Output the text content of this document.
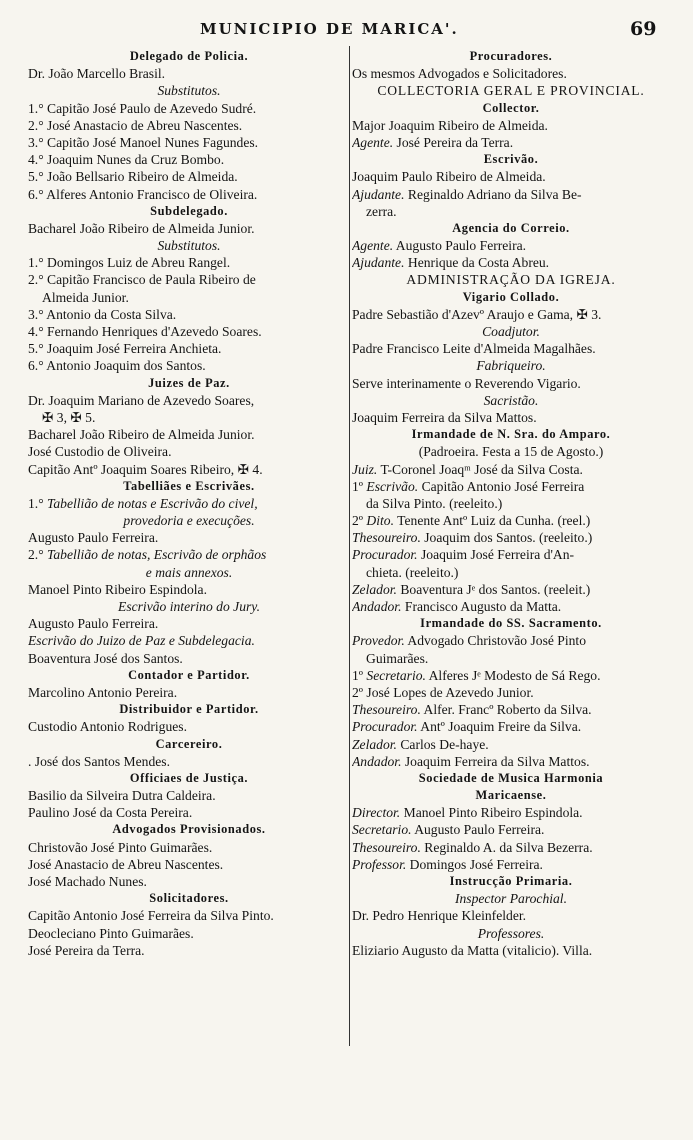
MUNICIPIO DE MARICA'.	69
Delegado de Policia.
Dr. João Marcello Brasil.
Substitutos.
1.° Capitão José Paulo de Azevedo Sudré.
2.° José Anastacio de Abreu Nascentes.
3.° Capitão José Manoel Nunes Fagundes.
4.° Joaquim Nunes da Cruz Bombo.
5.° João Bellsario Ribeiro de Almeida.
6.° Alferes Antonio Francisco de Oliveira.
Subdelegado.
Bacharel João Ribeiro de Almeida Junior.
Substitutos.
1.° Domingos Luiz de Abreu Rangel.
2.° Capitão Francisco de Paula Ribeiro de
Almeida Junior.
3.° Antonio da Costa Silva.
4.° Fernando Henriques d'Azevedo Soares.
5.° Joaquim José Ferreira Anchieta.
6.° Antonio Joaquim dos Santos.
Juizes de Paz.
Dr. Joaquim Mariano de Azevedo Soares,
✠ 3, ✠ 5.
Bacharel João Ribeiro de Almeida Junior.
José Custodio de Oliveira.
Capitão Antº Joaquim Soares Ribeiro, ✠ 4.
Tabelliães e Escrivães.
1.° Tabellião de notas e Escrivão do civel,
provedoria e execuções.
Augusto Paulo Ferreira.
2.° Tabellião de notas, Escrivão de orphãos
e mais annexos.
Manoel Pinto Ribeiro Espindola.
Escrivão interino do Jury.
Augusto Paulo Ferreira.
Escrivão do Juizo de Paz e Subdelegacia.
Boaventura José dos Santos.
Contador e Partidor.
Marcolino Antonio Pereira.
Distribuidor e Partidor.
Custodio Antonio Rodrigues.
Carcereiro.
. José dos Santos Mendes.
Officiaes de Justiça.
Basilio da Silveira Dutra Caldeira.
Paulino José da Costa Pereira.
Advogados Provisionados.
Christovão José Pinto Guimarães.
José Anastacio de Abreu Nascentes.
José Machado Nunes.
Solicitadores.
Capitão Antonio José Ferreira da Silva Pinto.
Deocleciano Pinto Guimarães.
José Pereira da Terra.
Procuradores.
Os mesmos Advogados e Solicitadores.
COLLECTORIA GERAL E PROVINCIAL.
Collector.
Major Joaquim Ribeiro de Almeida.
Agente. José Pereira da Terra.
Escrivão.
Joaquim Paulo Ribeiro de Almeida.
Ajudante. Reginaldo Adriano da Silva Be-
zerra.
Agencia do Correio.
Agente. Augusto Paulo Ferreira.
Ajudante. Henrique da Costa Abreu.
ADMINISTRAÇÃO DA IGREJA.
Vigario Collado.
Padre Sebastião d'Azevº Araujo e Gama, ✠ 3.
Coadjutor.
Padre Francisco Leite d'Almeida Magalhães.
Fabriqueiro.
Serve interinamente o Reverendo Vigario.
Sacristão.
Joaquim Ferreira da Silva Mattos.
Irmandade de N. Sra. do Amparo.
(Padroeira. Festa a 15 de Agosto.)
Juiz. T-Coronel Joaqᵐ José da Silva Costa.
1º Escrivão. Capitão Antonio José Ferreira
da Silva Pinto. (reeleito.)
2º Dito. Tenente Antº Luiz da Cunha. (reel.)
Thesoureiro. Joaquim dos Santos. (reeleito.)
Procurador. Joaquim José Ferreira d'An-
chieta. (reeleito.)
Zelador. Boaventura Jᵉ dos Santos. (reeleit.)
Andador. Francisco Augusto da Matta.
Irmandade do SS. Sacramento.
Provedor. Advogado Christovão José Pinto
Guimarães.
1º Secretario. Alferes Jᵉ Modesto de Sá Rego.
2º José Lopes de Azevedo Junior.
Thesoureiro. Alfer. Francº Roberto da Silva.
Procurador. Antº Joaquim Freire da Silva.
Zelador. Carlos De-haye.
Andador. Joaquim Ferreira da Silva Mattos.
Sociedade de Musica Harmonia
Maricaense.
Director. Manoel Pinto Ribeiro Espindola.
Secretario. Augusto Paulo Ferreira.
Thesoureiro. Reginaldo A. da Silva Bezerra.
Professor. Domingos José Ferreira.
Instrucção Primaria.
Inspector Parochial.
Dr. Pedro Henrique Kleinfelder.
Professores.
Eliziario Augusto da Matta (vitalicio). Villa.
